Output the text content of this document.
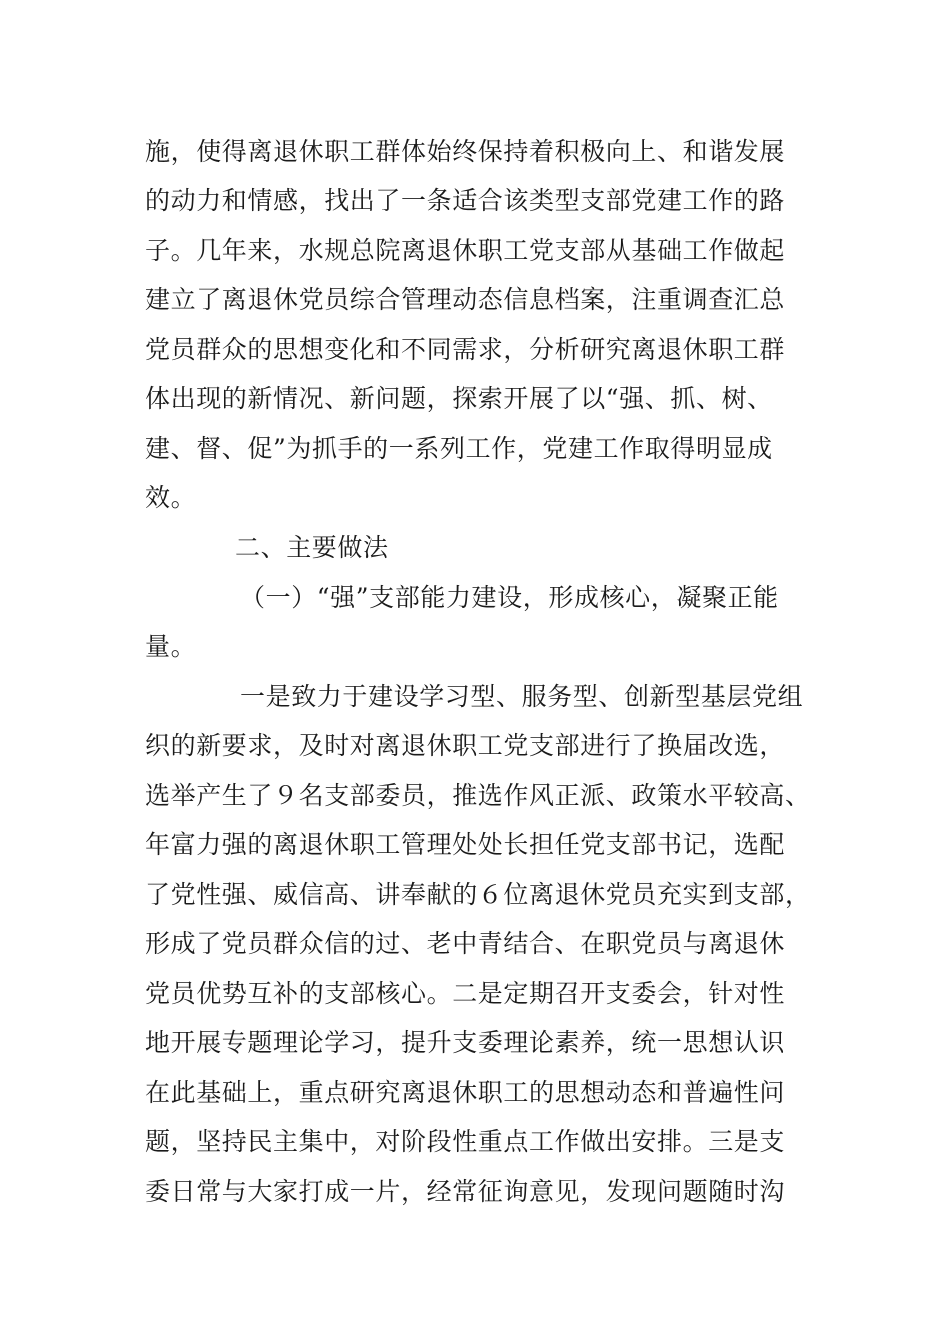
施，使得离退休职工群体始终保持着积极向上、和谐发展
的动力和情感，找出了一条适合该类型支部党建工作的路
子。几年来，水规总院离退休职工党支部从基础工作做起
建立了离退休党员综合管理动态信息档案，注重调查汇总
党员群众的思想变化和不同需求，分析研究离退休职工群
体出现的新情况、新问题，探索开展了以“强、抓、树、
建、督、促”为抓手的一系列工作，党建工作取得明显成
效。
二、主要做法
（一）“强”支部能力建设，形成核心，凝聚正能
量。
一是致力于建设学习型、服务型、创新型基层党组
织的新要求，及时对离退休职工党支部进行了换届改选，
选举产生了９名支部委员，推选作风正派、政策水平较高、
年富力强的离退休职工管理处处长担任党支部书记，选配
了党性强、威信高、讲奉献的６位离退休党员充实到支部，
形成了党员群众信的过、老中青结合、在职党员与离退休
党员优势互补的支部核心。二是定期召开支委会，针对性
地开展专题理论学习，提升支委理论素养，统一思想认识
在此基础上，重点研究离退休职工的思想动态和普遍性问
题，坚持民主集中，对阶段性重点工作做出安排。三是支
委日常与大家打成一片，经常征询意见，发现问题随时沟
